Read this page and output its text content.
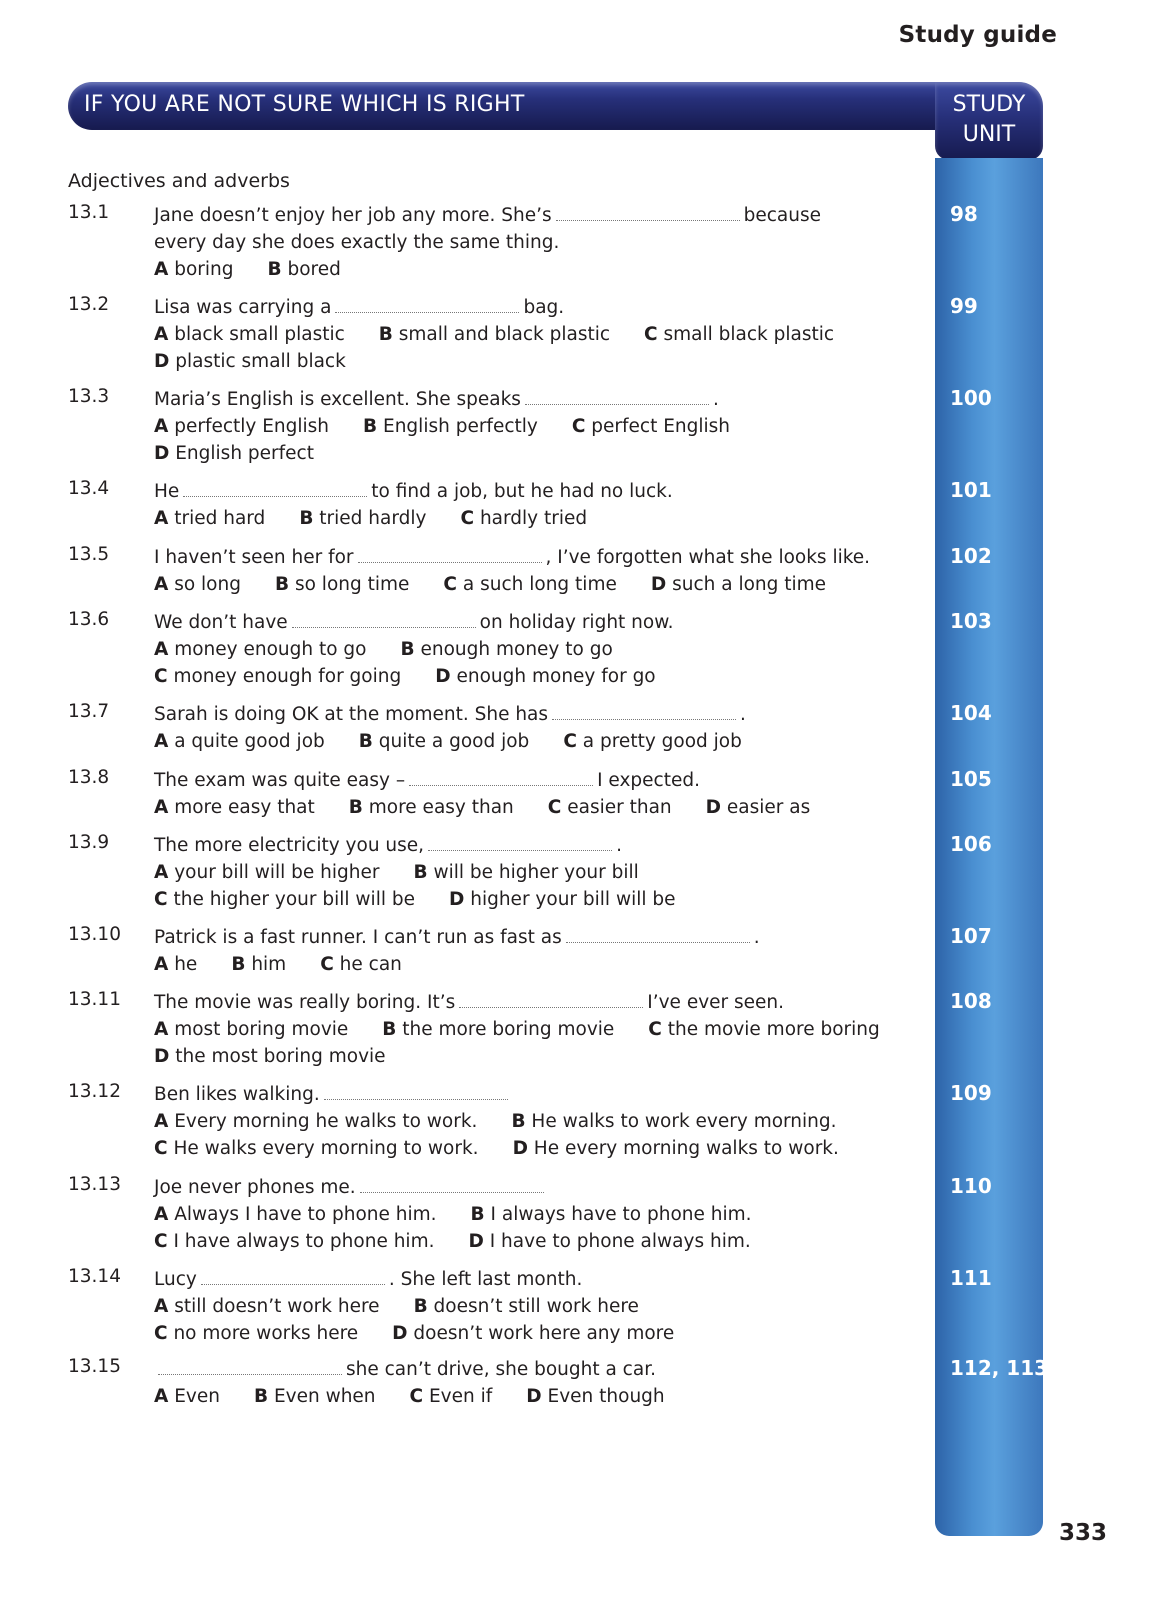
Study guide
IF YOU ARE NOT SURE WHICH IS RIGHT	STUDY UNIT
Adjectives and adverbs
13.1 Jane doesn’t enjoy her job any more. She’s	because
every day she does exactly the same thing.
A boring B bored
98
13.2 Lisa was carrying a	bag.
A black small plastic B small and black plastic C small black plastic
D plastic small black
99
13.3 Maria’s English is excellent. She speaks	.
A perfectly English B English perfectly C perfect English
D English perfect
100
13.4 He	to find a job, but he had no luck.
A tried hard B tried hardly C hardly tried
101
13.5 I haven’t seen her for	, I’ve forgotten what she looks like.
A so long B so long time C a such long time D such a long time
102
13.6 We don’t have	on holiday right now.
A money enough to go B enough money to go
C money enough for going D enough money for go
103
13.7 Sarah is doing OK at the moment. She has	.
A a quite good job B quite a good job C a pretty good job
104
13.8 The exam was quite easy –	I expected.
A more easy that B more easy than C easier than D easier as
105
13.9 The more electricity you use,	.
A your bill will be higher B will be higher your bill
C the higher your bill will be D higher your bill will be
106
13.10 Patrick is a fast runner. I can’t run as fast as	.
A he B him C he can
107
13.11 The movie was really boring. It’s	I’ve ever seen.
A most boring movie B the more boring movie C the movie more boring
D the most boring movie
108
13.12 Ben likes walking.
A Every morning he walks to work. B He walks to work every morning.
C He walks every morning to work. D He every morning walks to work.
109
13.13 Joe never phones me.
A Always I have to phone him. B I always have to phone him.
C I have always to phone him. D I have to phone always him.
110
13.14 Lucy	. She left last month.
A still doesn’t work here B doesn’t still work here
C no more works here D doesn’t work here any more
111
13.15	she can’t drive, she bought a car.
A Even B Even when C Even if D Even though
112, 113
333
